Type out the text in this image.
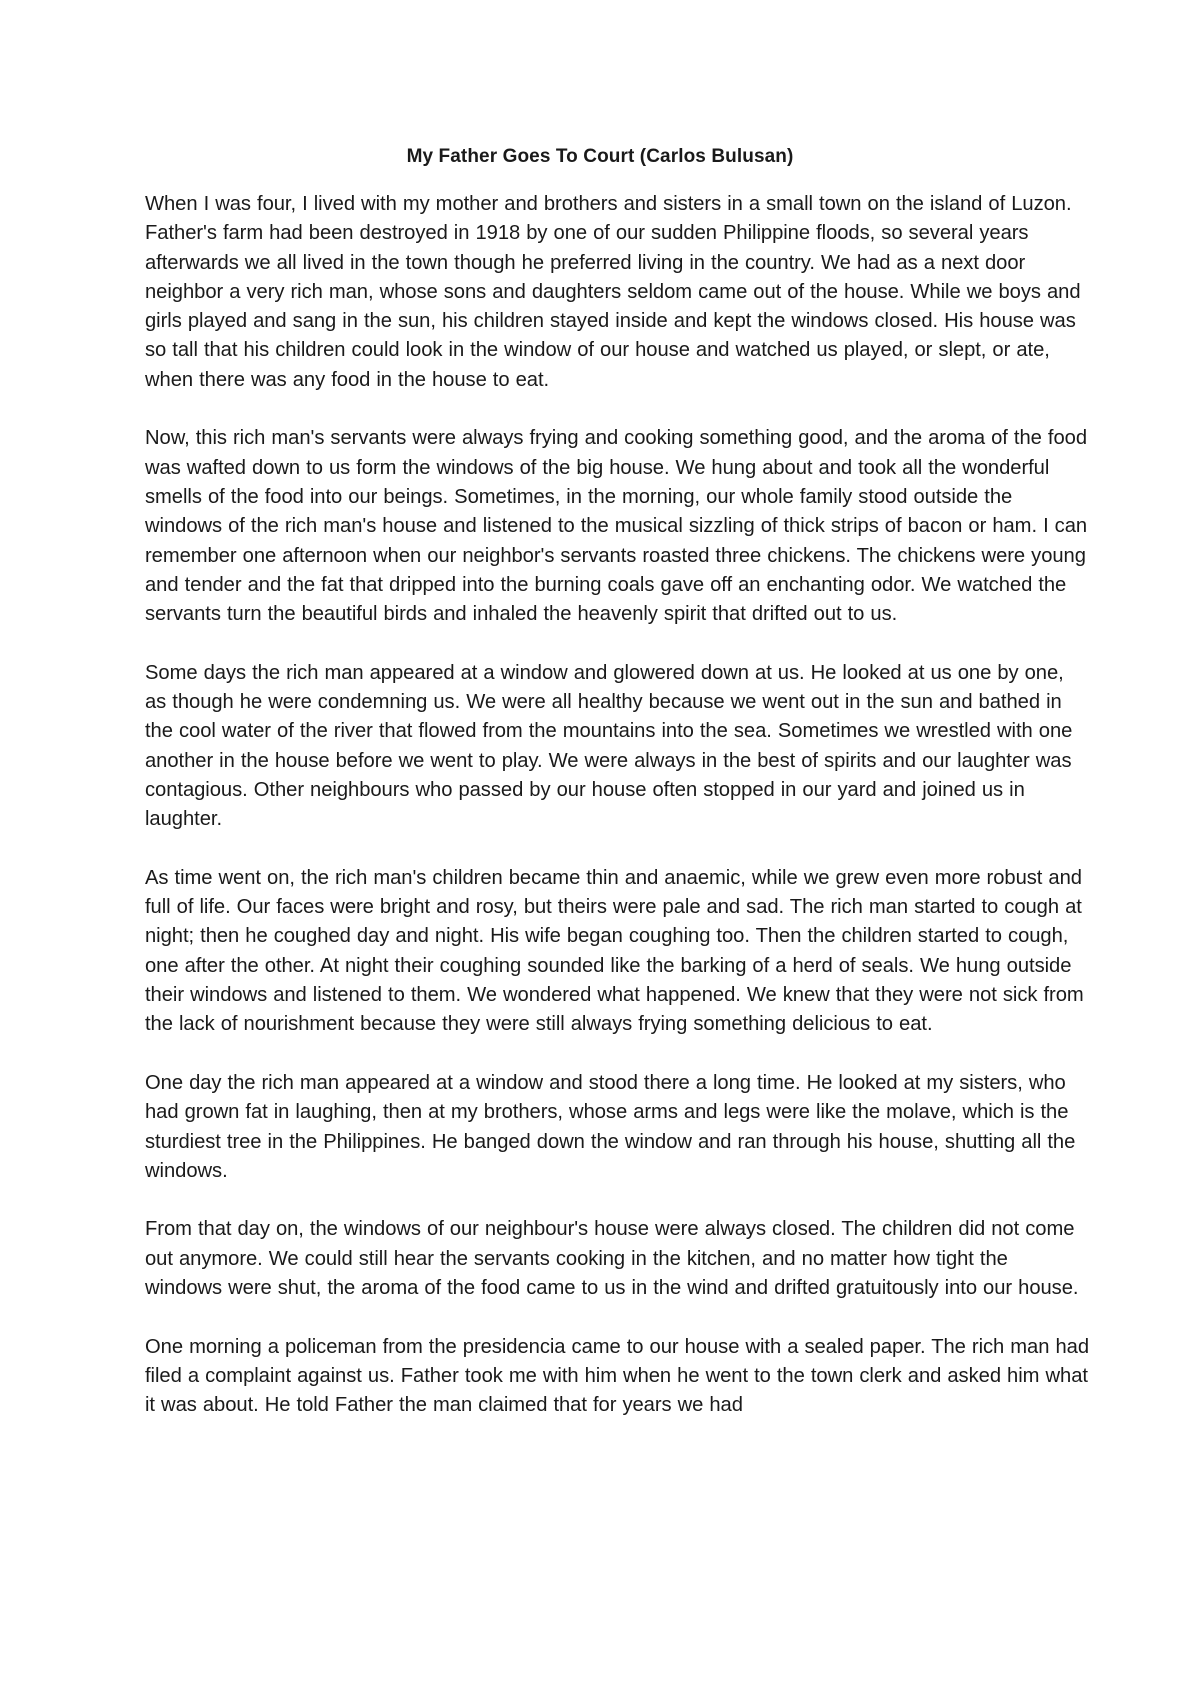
My Father Goes To Court (Carlos Bulusan)

When I was four, I lived with my mother and brothers and sisters in a small town on the island of Luzon. Father's farm had been destroyed in 1918 by one of our sudden Philippine floods, so several years afterwards we all lived in the town though he preferred living in the country. We had as a next door neighbor a very rich man, whose sons and daughters seldom came out of the house. While we boys and girls played and sang in the sun, his children stayed inside and kept the windows closed. His house was so tall that his children could look in the window of our house and watched us played, or slept, or ate, when there was any food in the house to eat.

Now, this rich man's servants were always frying and cooking something good, and the aroma of the food was wafted down to us form the windows of the big house. We hung about and took all the wonderful smells of the food into our beings. Sometimes, in the morning, our whole family stood outside the windows of the rich man's house and listened to the musical sizzling of thick strips of bacon or ham. I can remember one afternoon when our neighbor's servants roasted three chickens. The chickens were young and tender and the fat that dripped into the burning coals gave off an enchanting odor. We watched the servants turn the beautiful birds and inhaled the heavenly spirit that drifted out to us.

Some days the rich man appeared at a window and glowered down at us. He looked at us one by one, as though he were condemning us. We were all healthy because we went out in the sun and bathed in the cool water of the river that flowed from the mountains into the sea. Sometimes we wrestled with one another in the house before we went to play. We were always in the best of spirits and our laughter was contagious. Other neighbours who passed by our house often stopped in our yard and joined us in laughter.

As time went on, the rich man's children became thin and anaemic, while we grew even more robust and full of life. Our faces were bright and rosy, but theirs were pale and sad. The rich man started to cough at night; then he coughed day and night. His wife began coughing too. Then the children started to cough, one after the other. At night their coughing sounded like the barking of a herd of seals. We hung outside their windows and listened to them. We wondered what happened. We knew that they were not sick from the lack of nourishment because they were still always frying something delicious to eat.

One day the rich man appeared at a window and stood there a long time. He looked at my sisters, who had grown fat in laughing, then at my brothers, whose arms and legs were like the molave, which is the sturdiest tree in the Philippines. He banged down the window and ran through his house, shutting all the windows.

From that day on, the windows of our neighbour's house were always closed. The children did not come out anymore. We could still hear the servants cooking in the kitchen, and no matter how tight the windows were shut, the aroma of the food came to us in the wind and drifted gratuitously into our house.

One morning a policeman from the presidencia came to our house with a sealed paper. The rich man had filed a complaint against us. Father took me with him when he went to the town clerk and asked him what it was about. He told Father the man claimed that for years we had
